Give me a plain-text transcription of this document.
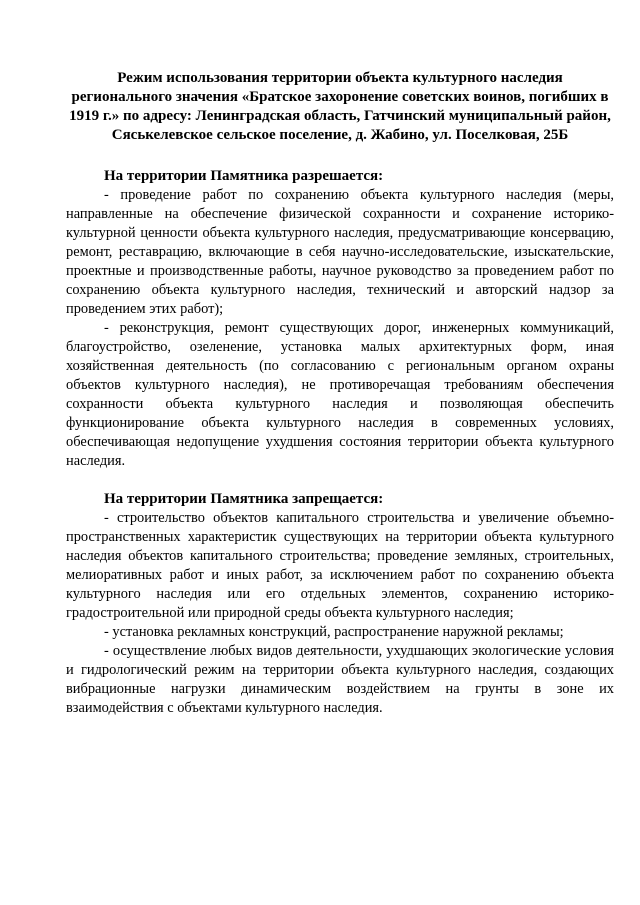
Режим использования территории объекта культурного наследия регионального значения «Братское захоронение советских воинов, погибших в 1919 г.» по адресу: Ленинградская область, Гатчинский муниципальный район, Сяськелевское сельское поселение, д. Жабино, ул. Поселковая, 25Б

На территории Памятника разрешается:

- проведение работ по сохранению объекта культурного наследия (меры, направленные на обеспечение физической сохранности и сохранение историко-культурной ценности объекта культурного наследия, предусматривающие консервацию, ремонт, реставрацию, включающие в себя научно-исследовательские, изыскательские, проектные и производственные работы, научное руководство за проведением работ по сохранению объекта культурного наследия, технический и авторский надзор за проведением этих работ);

- реконструкция, ремонт существующих дорог, инженерных коммуникаций, благоустройство, озеленение, установка малых архитектурных форм, иная хозяйственная деятельность (по согласованию с региональным органом охраны объектов культурного наследия), не противоречащая требованиям обеспечения сохранности объекта культурного наследия и позволяющая обеспечить функционирование объекта культурного наследия в современных условиях, обеспечивающая недопущение ухудшения состояния территории объекта культурного наследия.

На территории Памятника запрещается:

- строительство объектов капитального строительства и увеличение объемно-пространственных характеристик существующих на территории объекта культурного наследия объектов капитального строительства; проведение земляных, строительных, мелиоративных работ и иных работ, за исключением работ по сохранению объекта культурного наследия или его отдельных элементов, сохранению историко-градостроительной или природной среды объекта культурного наследия;

- установка рекламных конструкций, распространение наружной рекламы;

- осуществление любых видов деятельности, ухудшающих экологические условия и гидрологический режим на территории объекта культурного наследия, создающих вибрационные нагрузки динамическим воздействием на грунты в зоне их взаимодействия с объектами культурного наследия.
